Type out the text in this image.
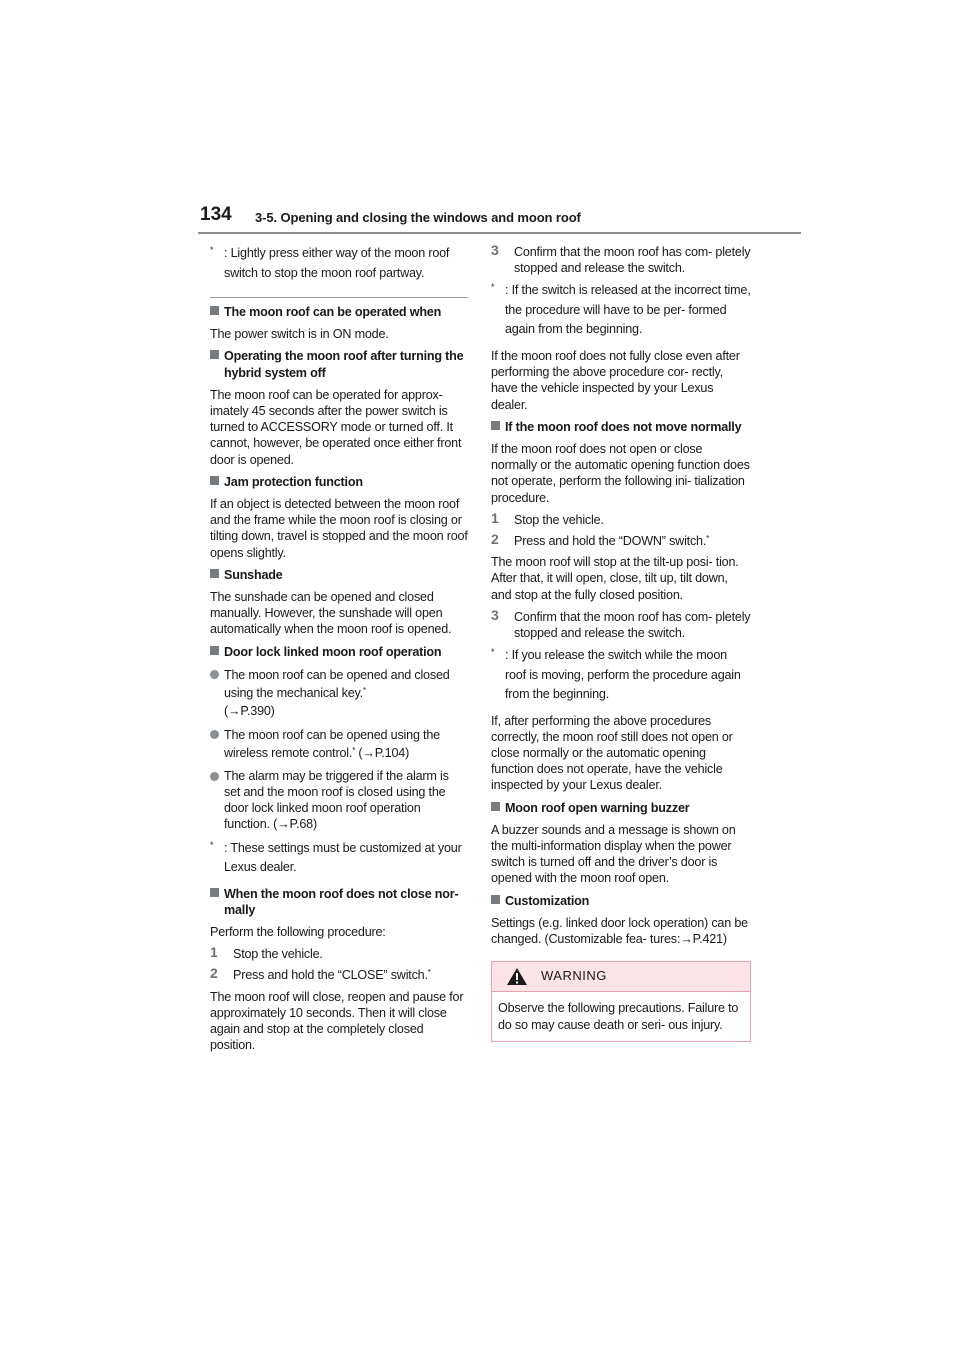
134 3-5. Opening and closing the windows and moon roof
* : Lightly press either way of the moon roof switch to stop the moon roof partway.
The moon roof can be operated when

The power switch is in ON mode.

Operating the moon roof after turning the hybrid system off

The moon roof can be operated for approx- imately 45 seconds after the power switch is turned to ACCESSORY mode or turned off. It cannot, however, be operated once either front door is opened.

Jam protection function

If an object is detected between the moon roof and the frame while the moon roof is closing or tilting down, travel is stopped and the moon roof opens slightly.

Sunshade

The sunshade can be opened and closed manually. However, the sunshade will open automatically when the moon roof is opened.

Door lock linked moon roof operation
The moon roof can be opened and closed using the mechanical key.*
(→P.390)
The moon roof can be opened using the wireless remote control.* (→P.104)
The alarm may be triggered if the alarm is set and the moon roof is closed using the door lock linked moon roof operation function. (→P.68)
* : These settings must be customized at your Lexus dealer.
When the moon roof does not close nor- mally

Perform the following procedure:

1 Stop the vehicle.
2 Press and hold the “CLOSE” switch.*

The moon roof will close, reopen and pause for approximately 10 seconds. Then it will close again and stop at the completely closed position.

3 Confirm that the moon roof has com- pletely stopped and release the switch.
* : If the switch is released at the incorrect time, the procedure will have to be per- formed again from the beginning.

If the moon roof does not fully close even after performing the above procedure cor- rectly, have the vehicle inspected by your Lexus dealer.

If the moon roof does not move normally

If the moon roof does not open or close normally or the automatic opening function does not operate, perform the following ini- tialization procedure.

1 Stop the vehicle.
2 Press and hold the “DOWN” switch.*

The moon roof will stop at the tilt-up posi- tion. After that, it will open, close, tilt up, tilt down, and stop at the fully closed position.

3 Confirm that the moon roof has com- pletely stopped and release the switch.
* : If you release the switch while the moon roof is moving, perform the procedure again from the beginning.

If, after performing the above procedures correctly, the moon roof still does not open or close normally or the automatic opening function does not operate, have the vehicle inspected by your Lexus dealer.

Moon roof open warning buzzer

A buzzer sounds and a message is shown on the multi-information display when the power switch is turned off and the driver’s door is opened with the moon roof open.

Customization

Settings (e.g. linked door lock operation) can be changed. (Customizable fea- tures:→P.421)

WARNING
Observe the following precautions. Failure to do so may cause death or seri- ous injury.
